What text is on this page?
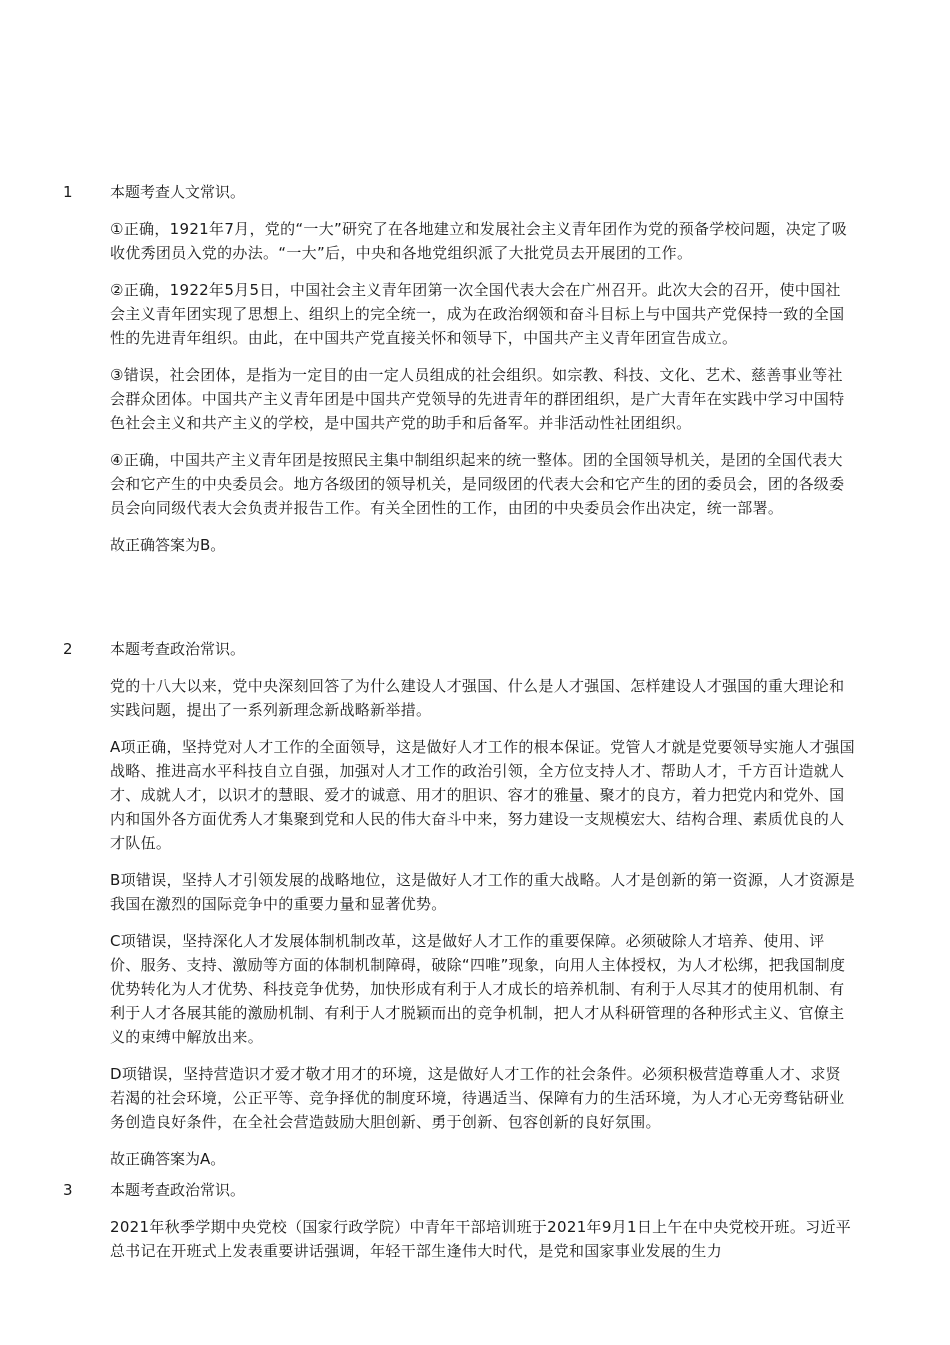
1 本题考查人文常识。

①正确，1921年7月，党的“一大”研究了在各地建立和发展社会主义青年团作为党的预备学校问题，决定了吸收优秀团员入党的办法。“一大”后，中央和各地党组织派了大批党员去开展团的工作。

②正确，1922年5月5日，中国社会主义青年团第一次全国代表大会在广州召开。此次大会的召开，使中国社会主义青年团实现了思想上、组织上的完全统一，成为在政治纲领和奋斗目标上与中国共产党保持一致的全国性的先进青年组织。由此，在中国共产党直接关怀和领导下，中国共产主义青年团宣告成立。

③错误，社会团体，是指为一定目的由一定人员组成的社会组织。如宗教、科技、文化、艺术、慈善事业等社会群众团体。中国共产主义青年团是中国共产党领导的先进青年的群团组织，是广大青年在实践中学习中国特色社会主义和共产主义的学校，是中国共产党的助手和后备军。并非活动性社团组织。

④正确，中国共产主义青年团是按照民主集中制组织起来的统一整体。团的全国领导机关，是团的全国代表大会和它产生的中央委员会。地方各级团的领导机关，是同级团的代表大会和它产生的团的委员会，团的各级委员会向同级代表大会负责并报告工作。有关全团性的工作，由团的中央委员会作出决定，统一部署。

故正确答案为B。

2 本题考查政治常识。

党的十八大以来，党中央深刻回答了为什么建设人才强国、什么是人才强国、怎样建设人才强国的重大理论和实践问题，提出了一系列新理念新战略新举措。

A项正确，坚持党对人才工作的全面领导，这是做好人才工作的根本保证。党管人才就是党要领导实施人才强国战略、推进高水平科技自立自强，加强对人才工作的政治引领，全方位支持人才、帮助人才，千方百计造就人才、成就人才，以识才的慧眼、爱才的诚意、用才的胆识、容才的雅量、聚才的良方，着力把党内和党外、国内和国外各方面优秀人才集聚到党和人民的伟大奋斗中来，努力建设一支规模宏大、结构合理、素质优良的人才队伍。

B项错误，坚持人才引领发展的战略地位，这是做好人才工作的重大战略。人才是创新的第一资源，人才资源是我国在激烈的国际竞争中的重要力量和显著优势。

C项错误，坚持深化人才发展体制机制改革，这是做好人才工作的重要保障。必须破除人才培养、使用、评价、服务、支持、激励等方面的体制机制障碍，破除“四唯”现象，向用人主体授权，为人才松绑，把我国制度优势转化为人才优势、科技竞争优势，加快形成有利于人才成长的培养机制、有利于人尽其才的使用机制、有利于人才各展其能的激励机制、有利于人才脱颖而出的竞争机制，把人才从科研管理的各种形式主义、官僚主义的束缚中解放出来。

D项错误，坚持营造识才爱才敬才用才的环境，这是做好人才工作的社会条件。必须积极营造尊重人才、求贤若渴的社会环境，公正平等、竞争择优的制度环境，待遇适当、保障有力的生活环境，为人才心无旁骛钻研业务创造良好条件，在全社会营造鼓励大胆创新、勇于创新、包容创新的良好氛围。

故正确答案为A。

3 本题考查政治常识。

2021年秋季学期中央党校（国家行政学院）中青年干部培训班于2021年9月1日上午在中央党校开班。习近平总书记在开班式上发表重要讲话强调，年轻干部生逢伟大时代，是党和国家事业发展的生力
